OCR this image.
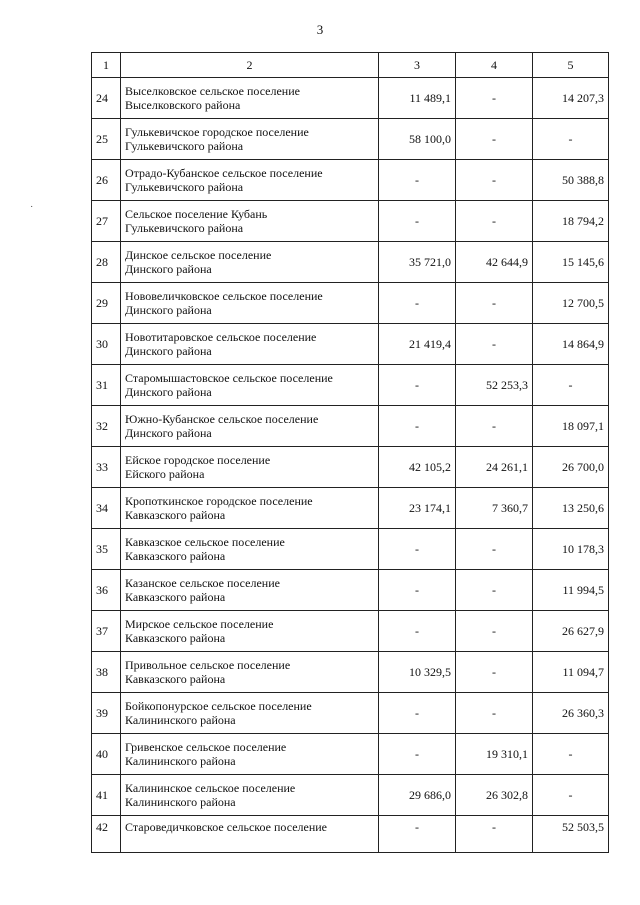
3
˙
1	2	3	4	5
24	Выселковское сельское поселение
Выселковского района	11 489,1	-	14 207,3
25	Гулькевичское городское поселение
Гулькевичского района	58 100,0	-	-
26	Отрадо-Кубанское сельское поселение
Гулькевичского района	-	-	50 388,8
27	Сельское поселение Кубань
Гулькевичского района	-	-	18 794,2
28	Динское сельское поселение
Динского района	35 721,0	42 644,9	15 145,6
29	Нововеличковское сельское поселение
Динского района	-	-	12 700,5
30	Новотитаровское сельское поселение
Динского района	21 419,4	-	14 864,9
31	Старомышастовское сельское поселение
Динского района	-	52 253,3	-
32	Южно-Кубанское сельское поселение
Динского района	-	-	18 097,1
33	Ейское городское поселение
Ейского района	42 105,2	24 261,1	26 700,0
34	Кропоткинское городское поселение
Кавказского района	23 174,1	7 360,7	13 250,6
35	Кавказское сельское поселение
Кавказского района	-	-	10 178,3
36	Казанское сельское поселение
Кавказского района	-	-	11 994,5
37	Мирское сельское поселение
Кавказского района	-	-	26 627,9
38	Привольное сельское поселение
Кавказского района	10 329,5	-	11 094,7
39	Бойкопонурское сельское поселение
Калининского района	-	-	26 360,3
40	Гривенское сельское поселение
Калининского района	-	19 310,1	-
41	Калининское сельское поселение
Калининского района	29 686,0	26 302,8	-
42	Староведичковское сельское поселение	-	-	52 503,5
